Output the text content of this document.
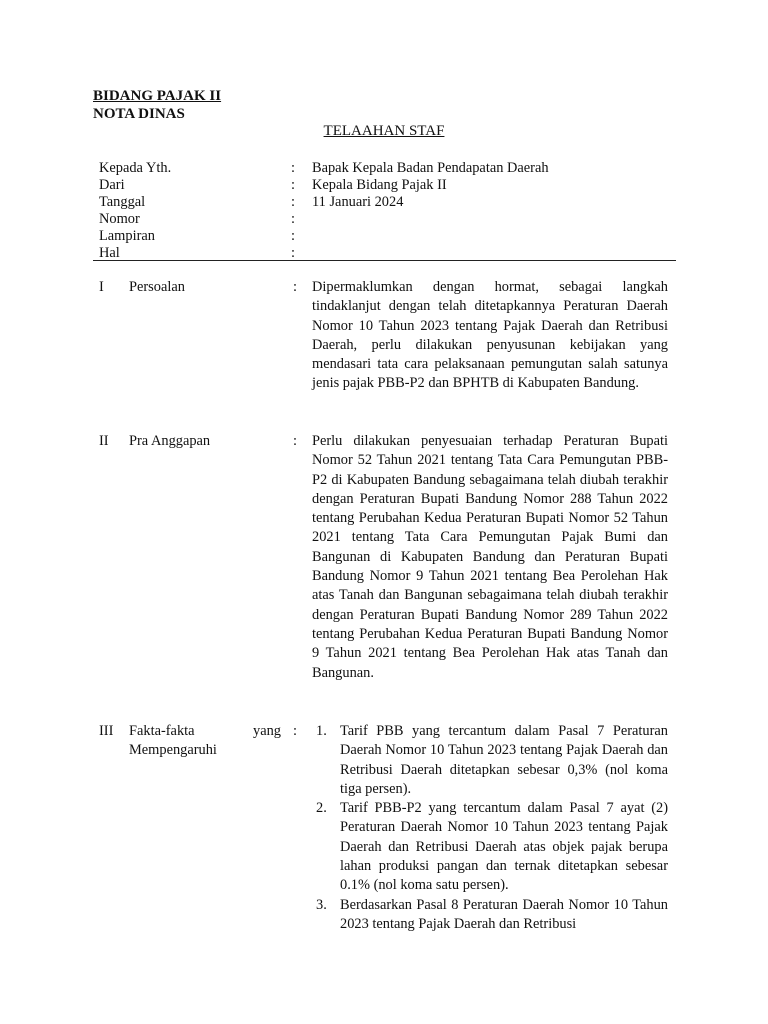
BIDANG PAJAK II
NOTA DINAS
TELAAHAN STAF
Kepada Yth.	: Bapak Kepala Badan Pendapatan Daerah
Dari	: Kepala Bidang Pajak II
Tanggal	: 11 Januari 2024
Nomor	:
Lampiran	:
Hal	:
I Persoalan	: Dipermaklumkan dengan hormat, sebagai langkah tindaklanjut dengan telah ditetapkannya Peraturan Daerah Nomor 10 Tahun 2023 tentang Pajak Daerah dan Retribusi Daerah, perlu dilakukan penyusunan kebijakan yang mendasari tata cara pelaksanaan pemungutan salah satunya jenis pajak PBB-P2 dan BPHTB di Kabupaten Bandung.
II Pra Anggapan	: Perlu dilakukan penyesuaian terhadap Peraturan Bupati Nomor 52 Tahun 2021 tentang Tata Cara Pemungutan PBB-P2 di Kabupaten Bandung sebagaimana telah diubah terakhir dengan Peraturan Bupati Bandung Nomor 288 Tahun 2022 tentang Perubahan Kedua Peraturan Bupati Nomor 52 Tahun 2021 tentang Tata Cara Pemungutan Pajak Bumi dan Bangunan di Kabupaten Bandung dan Peraturan Bupati Bandung Nomor 9 Tahun 2021 tentang Bea Perolehan Hak atas Tanah dan Bangunan sebagaimana telah diubah terakhir dengan Peraturan Bupati Bandung Nomor 289 Tahun 2022 tentang Perubahan Kedua Peraturan Bupati Bandung Nomor 9 Tahun 2021 tentang Bea Perolehan Hak atas Tanah dan Bangunan.
III Fakta-fakta yang
Mempengaruhi
: 1. Tarif PBB yang tercantum dalam Pasal 7 Peraturan Daerah Nomor 10 Tahun 2023 tentang Pajak Daerah dan Retribusi Daerah ditetapkan sebesar 0,3% (nol koma tiga persen).
2. Tarif PBB-P2 yang tercantum dalam Pasal 7 ayat (2) Peraturan Daerah Nomor 10 Tahun 2023 tentang Pajak Daerah dan Retribusi Daerah atas objek pajak berupa lahan produksi pangan dan ternak ditetapkan sebesar 0.1% (nol koma satu persen).
3. Berdasarkan Pasal 8 Peraturan Daerah Nomor 10 Tahun 2023 tentang Pajak Daerah dan Retribusi
